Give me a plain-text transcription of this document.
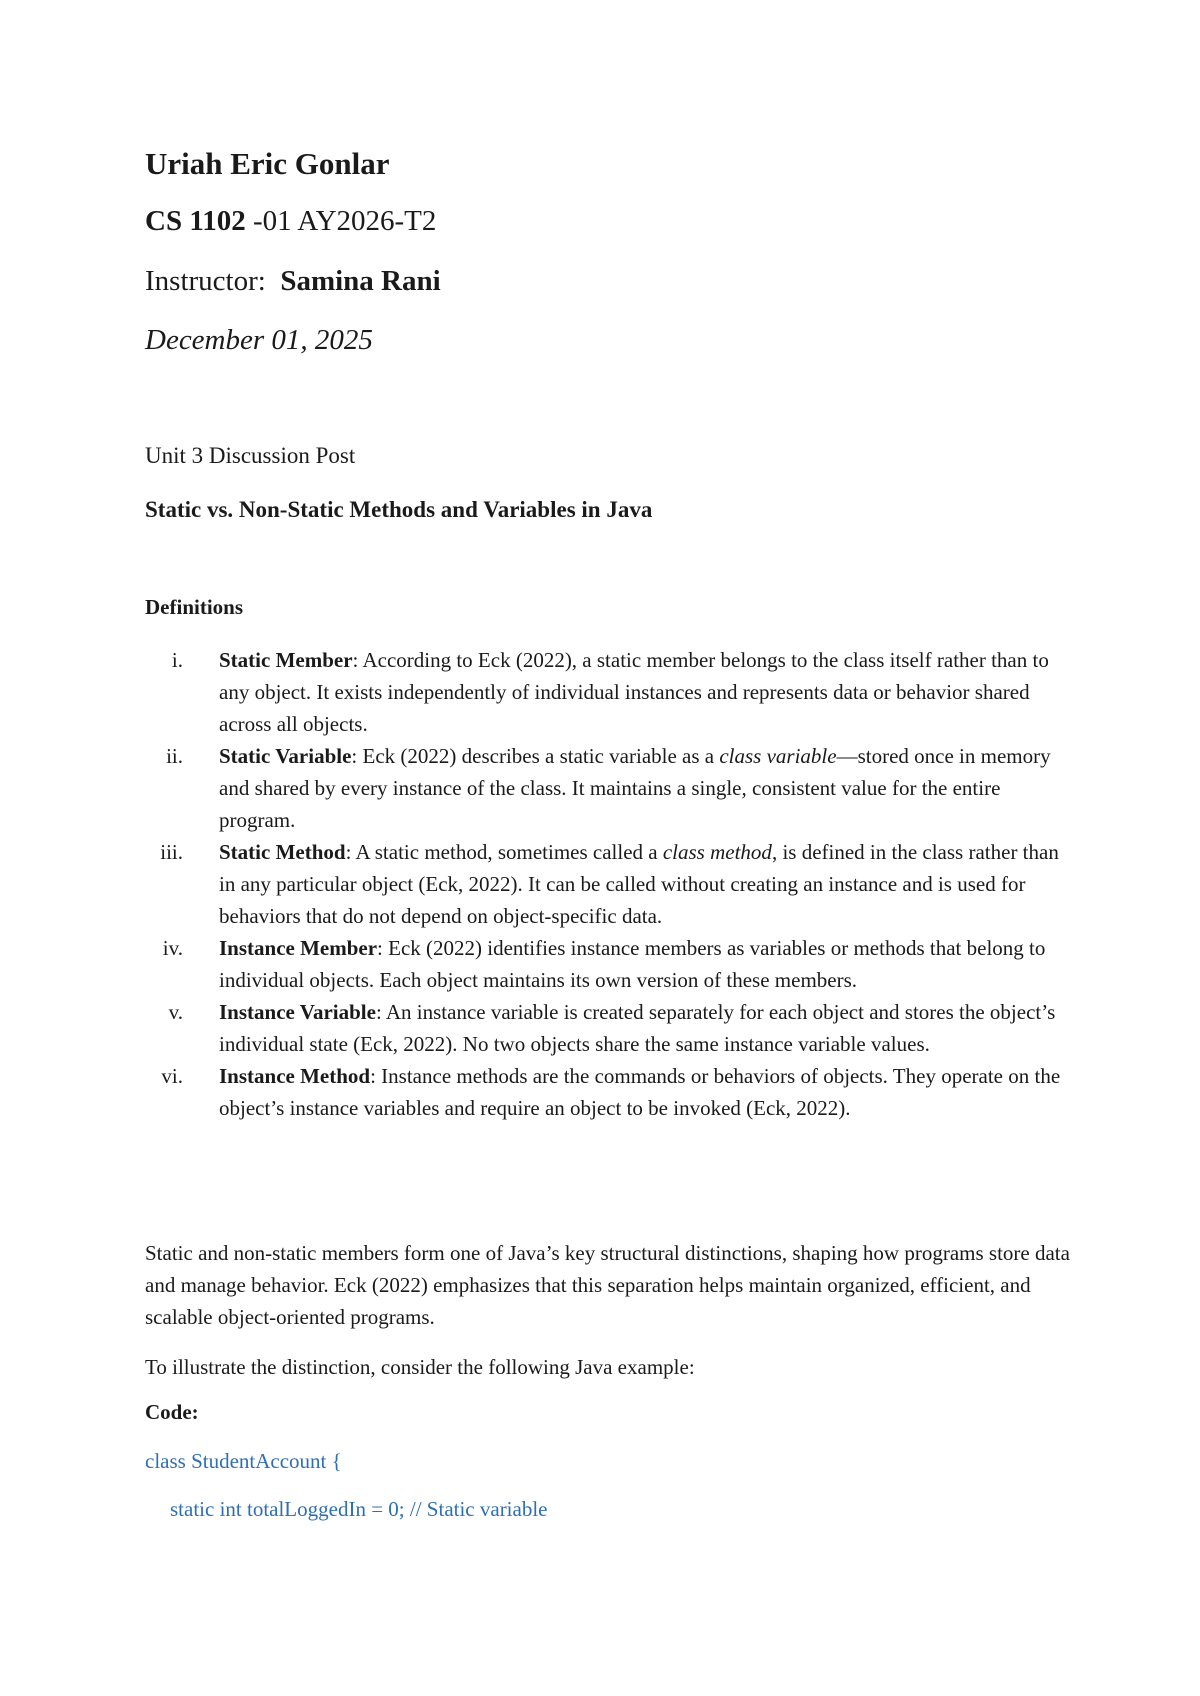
Uriah Eric Gonlar
CS 1102 -01 AY2026-T2
Instructor: Samina Rani
December 01, 2025
Unit 3 Discussion Post
Static vs. Non-Static Methods and Variables in Java
Definitions
i. Static Member: According to Eck (2022), a static member belongs to the class itself rather than to any object. It exists independently of individual instances and represents data or behavior shared across all objects.
ii. Static Variable: Eck (2022) describes a static variable as a class variable—stored once in memory and shared by every instance of the class. It maintains a single, consistent value for the entire program.
iii. Static Method: A static method, sometimes called a class method, is defined in the class rather than in any particular object (Eck, 2022). It can be called without creating an instance and is used for behaviors that do not depend on object-specific data.
iv. Instance Member: Eck (2022) identifies instance members as variables or methods that belong to individual objects. Each object maintains its own version of these members.
v. Instance Variable: An instance variable is created separately for each object and stores the object’s individual state (Eck, 2022). No two objects share the same instance variable values.
vi. Instance Method: Instance methods are the commands or behaviors of objects. They operate on the object’s instance variables and require an object to be invoked (Eck, 2022).

Static and non-static members form one of Java’s key structural distinctions, shaping how programs store data and manage behavior. Eck (2022) emphasizes that this separation helps maintain organized, efficient, and scalable object-oriented programs.

To illustrate the distinction, consider the following Java example:

Code:
class StudentAccount {
static int totalLoggedIn = 0; // Static variable
